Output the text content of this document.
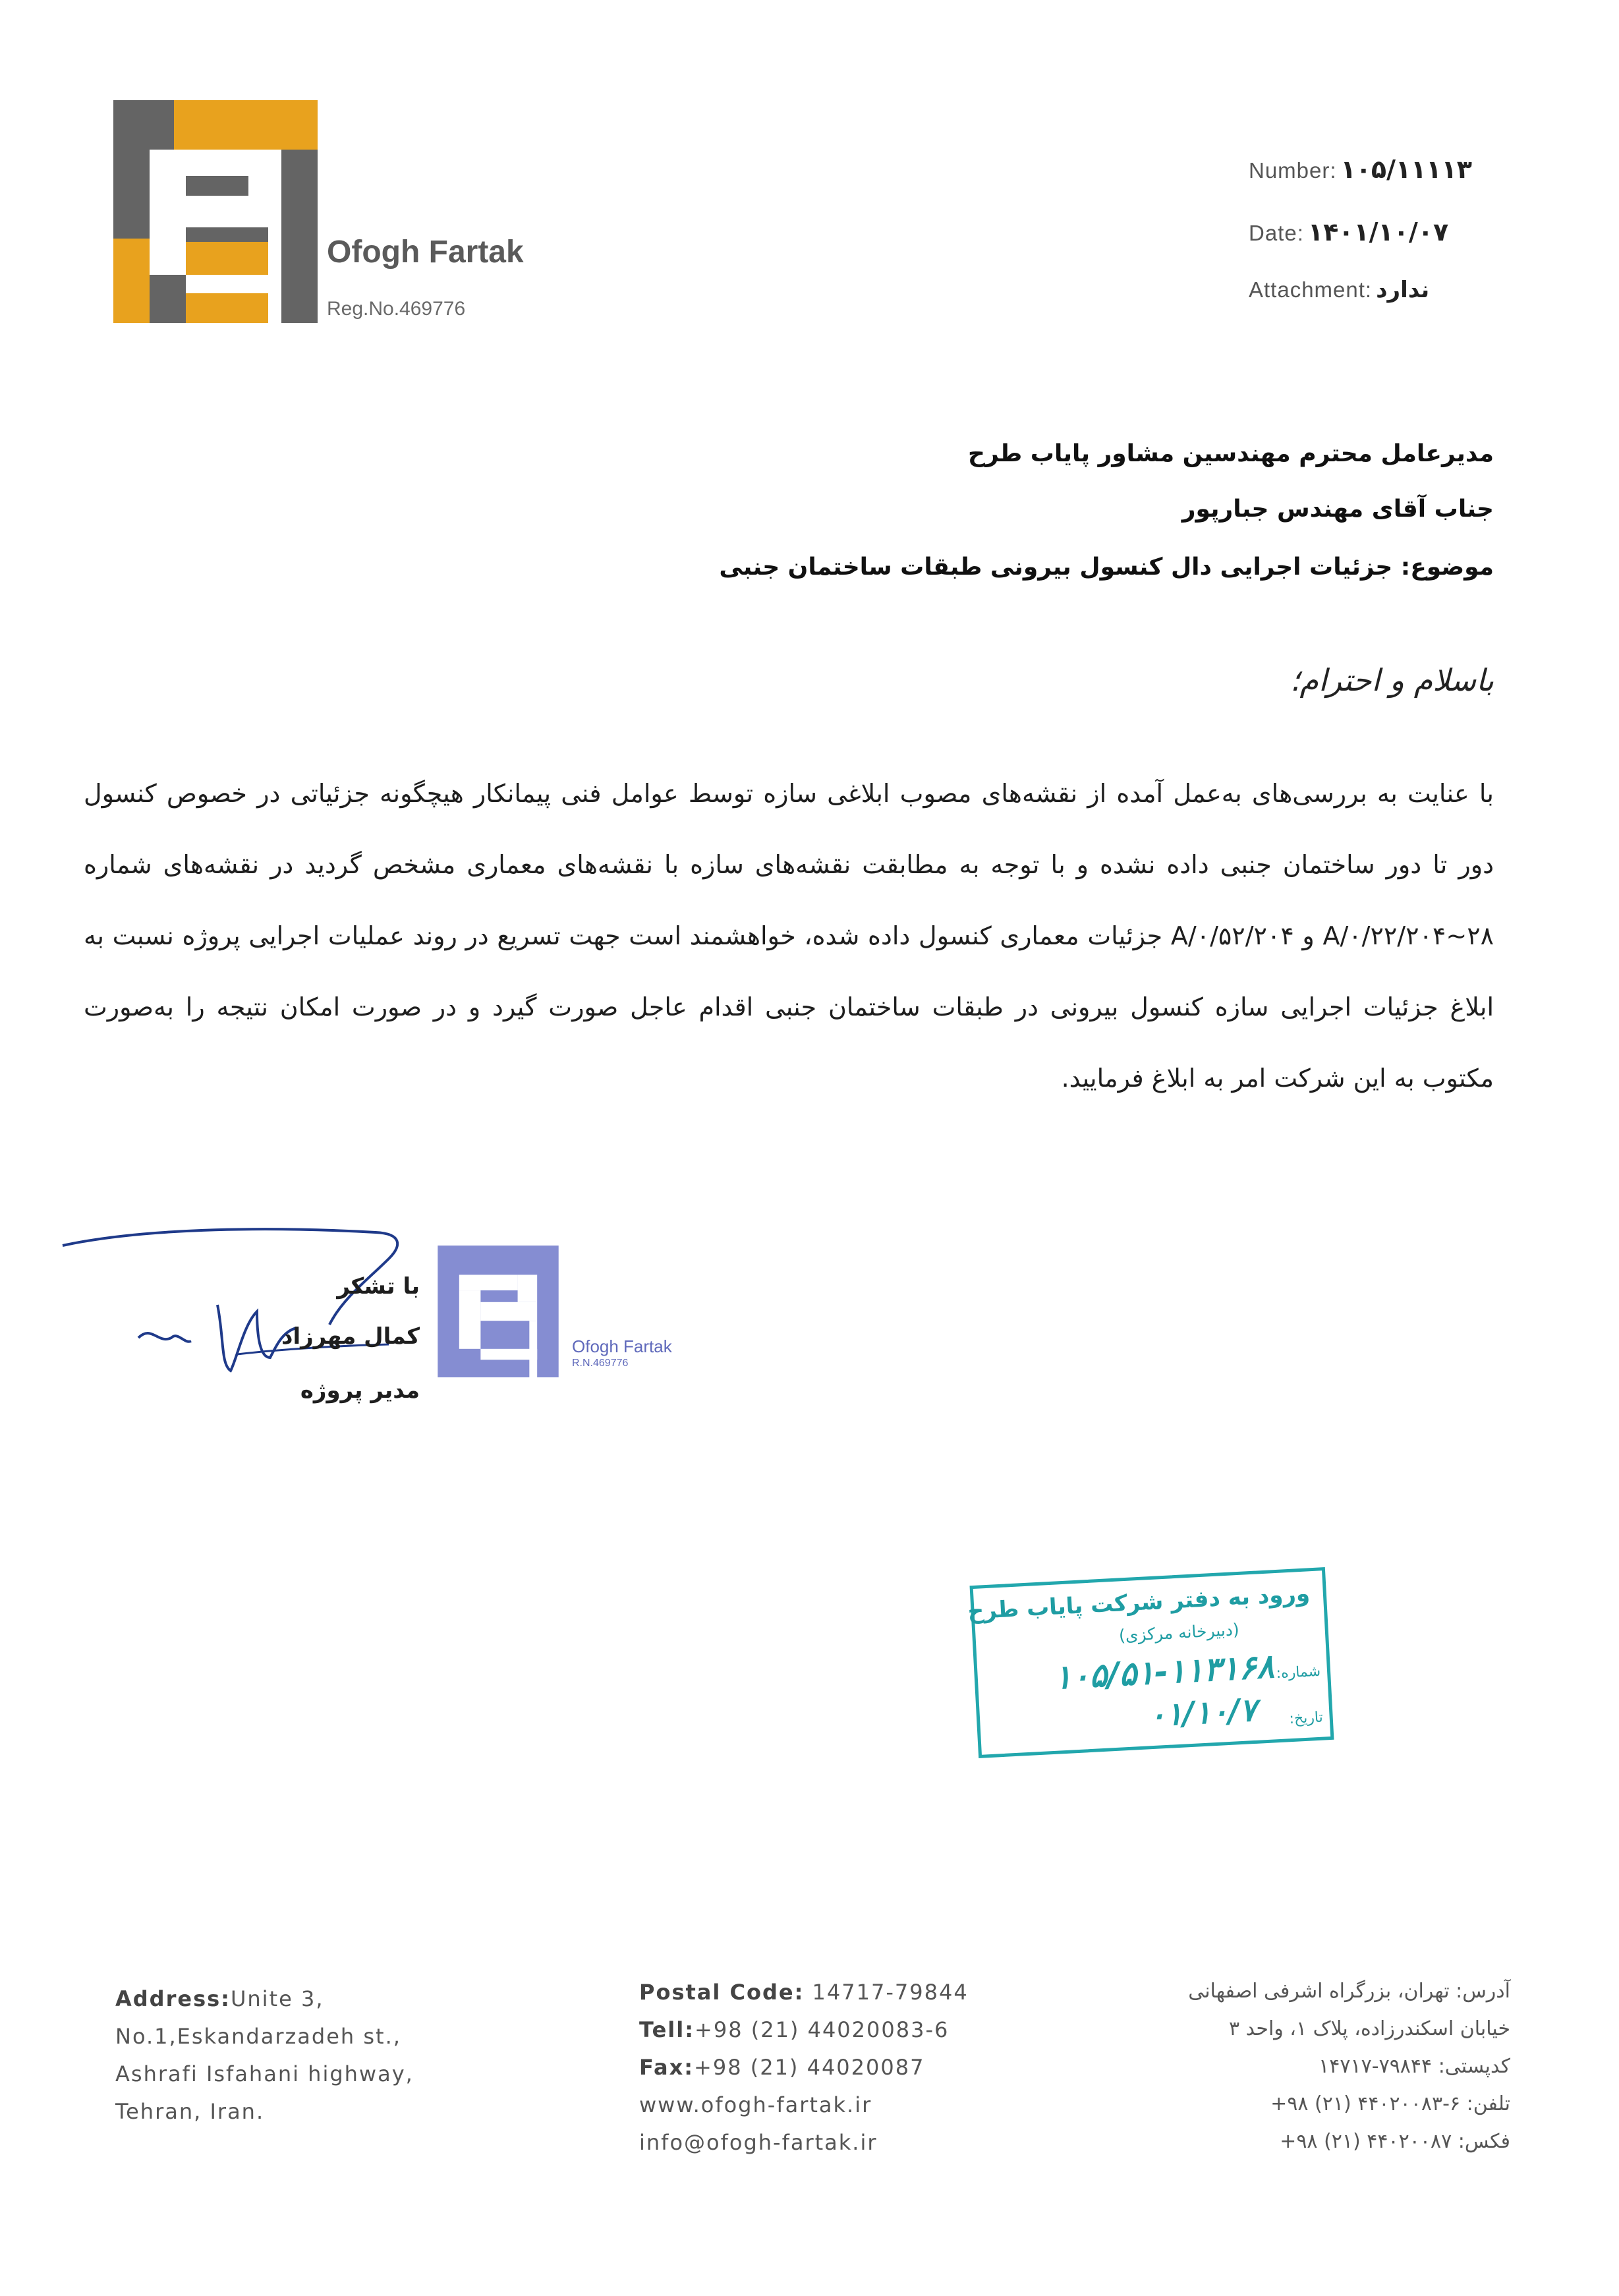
Ofogh Fartak
Reg.No.469776
Number: ۱۰۵/۱۱۱۱۳
Date: ۱۴۰۱/۱۰/۰۷
Attachment: ندارد
مدیرعامل محترم مهندسین مشاور پایاب طرح
جناب آقای مهندس جبارپور
موضوع: جزئیات اجرایی دال کنسول بیرونی طبقات ساختمان جنبی
باسلام و احترام؛
با عنایت به بررسی‌های به‌عمل آمده از نقشه‌های مصوب ابلاغی سازه توسط عوامل فنی پیمانکار هیچگونه جزئیاتی در خصوص کنسول دور تا دور ساختمان جنبی داده نشده و با توجه به مطابقت نقشه‌های سازه با نقشه‌های معماری مشخص گردید در نقشه‌های شماره ۲۸~۲۰۴/A/۰/۲۲ و ۲۰۴/A/۰/۵۲ جزئیات معماری کنسول داده شده، خواهشمند است جهت تسریع در روند عملیات اجرایی پروژه نسبت به ابلاغ جزئیات اجرایی سازه کنسول بیرونی در طبقات ساختمان جنبی اقدام عاجل صورت گیرد و در صورت امکان نتیجه را به‌صورت مکتوب به این شرکت امر به ابلاغ فرمایید.
با تشکر
کمال مهرزاد
مدیر پروژه
Ofogh Fartak
R.N.469776
ورود به دفتر شرکت پایاب طرح
(دبیرخانه مرکزی)
شماره:
۱۰۵/۵۱-۱۱۳۱۶۸
تاریخ:
۰۱/۱۰/۷
Address:Unite 3,
No.1,Eskandarzadeh st.,
Ashrafi Isfahani highway,
Tehran, Iran.
Postal Code: 14717-79844
Tell:+98 (21) 44020083-6
Fax:+98 (21) 44020087
www.ofogh-fartak.ir
info@ofogh-fartak.ir
آدرس: تهران، بزرگراه اشرفی اصفهانی
خیابان اسکندرزاده، پلاک ۱، واحد ۳
کدپستی: ۷۹۸۴۴-۱۴۷۱۷
تلفن: ۶-۴۴۰۲۰۰۸۳ (۲۱) ۹۸+
فکس: ۴۴۰۲۰۰۸۷ (۲۱) ۹۸+
